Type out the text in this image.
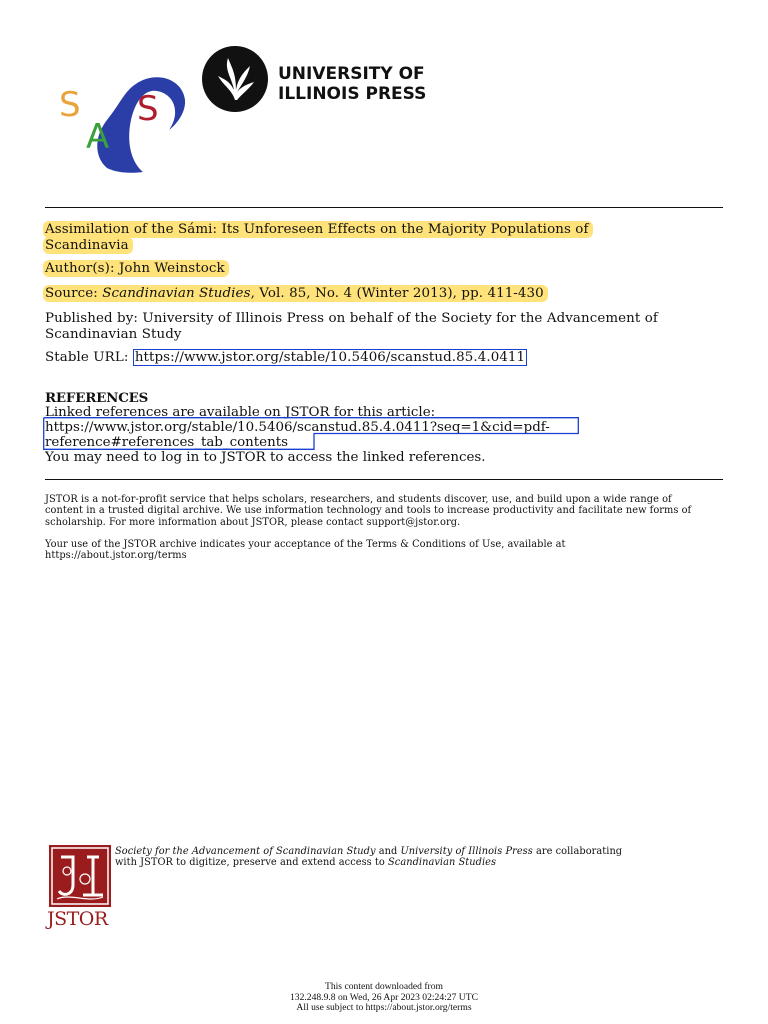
S
A
S
UNIVERSITY OF
ILLINOIS PRESS
Assimilation of the Sámi: Its Unforeseen Effects on the Majority Populations of Scandinavia
Author(s): John Weinstock
Source: Scandinavian Studies, Vol. 85, No. 4 (Winter 2013), pp. 411-430
Published by: University of Illinois Press on behalf of the Society for the Advancement of Scandinavian Study
Stable URL: https://www.jstor.org/stable/10.5406/scanstud.85.4.0411
REFERENCES
Linked references are available on JSTOR for this article:
https://www.jstor.org/stable/10.5406/scanstud.85.4.0411?seq=1&cid=pdf-
reference#references_tab_contents
You may need to log in to JSTOR to access the linked references.
JSTOR is a not-for-profit service that helps scholars, researchers, and students discover, use, and build upon a wide range of content in a trusted digital archive. We use information technology and tools to increase productivity and facilitate new forms of scholarship. For more information about JSTOR, please contact support@jstor.org.
Your use of the JSTOR archive indicates your acceptance of the Terms & Conditions of Use, available at https://about.jstor.org/terms
JSTOR
Society for the Advancement of Scandinavian Study and University of Illinois Press are collaborating with JSTOR to digitize, preserve and extend access to Scandinavian Studies
This content downloaded from
132.248.9.8 on Wed, 26 Apr 2023 02:24:27 UTC
All use subject to https://about.jstor.org/terms
